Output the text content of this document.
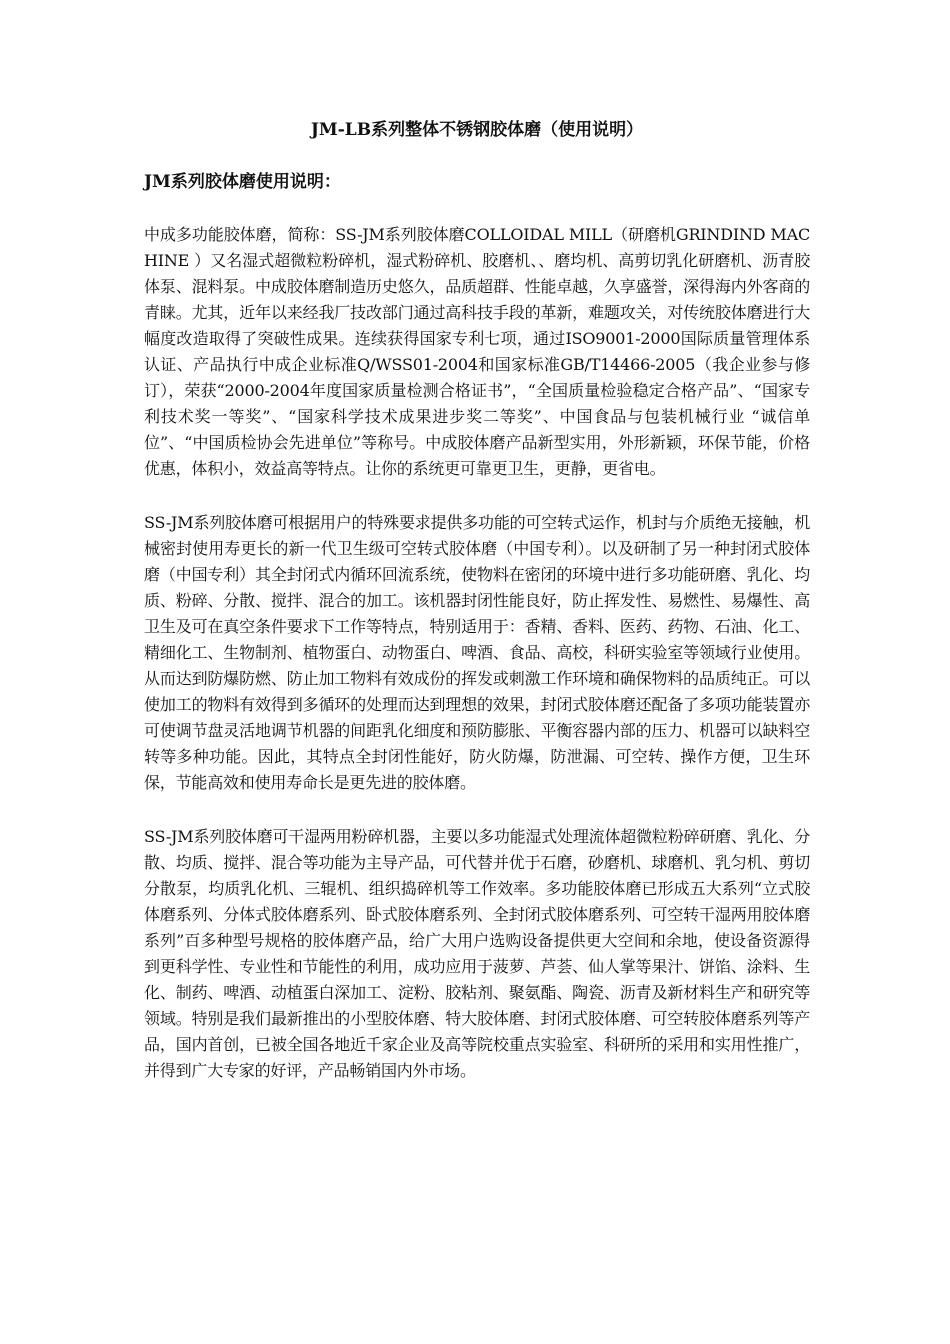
JM-LB系列整体不锈钢胶体磨（使用说明）
JM系列胶体磨使用说明：

中成多功能胶体磨，简称：SS-JM系列胶体磨COLLOIDAL MILL（研磨机GRINDIND MACHINE ）又名湿式超微粒粉碎机，湿式粉碎机、胶磨机、、磨均机、高剪切乳化研磨机、沥青胶体泵、混料泵。中成胶体磨制造历史悠久，品质超群、性能卓越，久享盛誉，深得海内外客商的青睐。尤其，近年以来经我厂技改部门通过高科技手段的革新，难题攻关，对传统胶体磨进行大幅度改造取得了突破性成果。连续获得国家专利七项，通过ISO9001-2000国际质量管理体系认证、产品执行中成企业标准Q/WSS01-2004和国家标准GB/T14466-2005（我企业参与修订），荣获“2000-2004年度国家质量检测合格证书”，“全国质量检验稳定合格产品”、“国家专利技术奖一等奖”、“国家科学技术成果进步奖二等奖”、中国食品与包装机械行业 “诚信单位”、“中国质检协会先进单位”等称号。中成胶体磨产品新型实用，外形新颖，环保节能，价格优惠，体积小，效益高等特点。让你的系统更可靠更卫生，更静，更省电。

SS-JM系列胶体磨可根据用户的特殊要求提供多功能的可空转式运作，机封与介质绝无接触，机械密封使用寿更长的新一代卫生级可空转式胶体磨（中国专利）。以及研制了另一种封闭式胶体磨（中国专利）其全封闭式内循环回流系统，使物料在密闭的环境中进行多功能研磨、乳化、均质、粉碎、分散、搅拌、混合的加工。该机器封闭性能良好，防止挥发性、易燃性、易爆性、高卫生及可在真空条件要求下工作等特点，特别适用于：香精、香料、医药、药物、石油、化工、精细化工、生物制剂、植物蛋白、动物蛋白、啤酒、食品、高校，科研实验室等领域行业使用。从而达到防爆防燃、防止加工物料有效成份的挥发或刺激工作环境和确保物料的品质纯正。可以使加工的物料有效得到多循环的处理而达到理想的效果，封闭式胶体磨还配备了多项功能装置亦可使调节盘灵活地调节机器的间距乳化细度和预防膨胀、平衡容器内部的压力、机器可以缺料空转等多种功能。因此，其特点全封闭性能好，防火防爆，防泄漏、可空转、操作方便，卫生环保，节能高效和使用寿命长是更先进的胶体磨。

SS-JM系列胶体磨可干湿两用粉碎机器，主要以多功能湿式处理流体超微粒粉碎研磨、乳化、分散、均质、搅拌、混合等功能为主导产品，可代替并优于石磨，砂磨机、球磨机、乳匀机、剪切分散泵，均质乳化机、三辊机、组织捣碎机等工作效率。多功能胶体磨已形成五大系列“立式胶体磨系列、分体式胶体磨系列、卧式胶体磨系列、全封闭式胶体磨系列、可空转干湿两用胶体磨系列”百多种型号规格的胶体磨产品，给广大用户选购设备提供更大空间和余地，使设备资源得到更科学性、专业性和节能性的利用，成功应用于菠萝、芦荟、仙人掌等果汁、饼馅、涂料、生化、制药、啤酒、动植蛋白深加工、淀粉、胶粘剂、聚氨酯、陶瓷、沥青及新材料生产和研究等领域。特别是我们最新推出的小型胶体磨、特大胶体磨、封闭式胶体磨、可空转胶体磨系列等产品，国内首创，已被全国各地近千家企业及高等院校重点实验室、科研所的采用和实用性推广，并得到广大专家的好评，产品畅销国内外市场。
